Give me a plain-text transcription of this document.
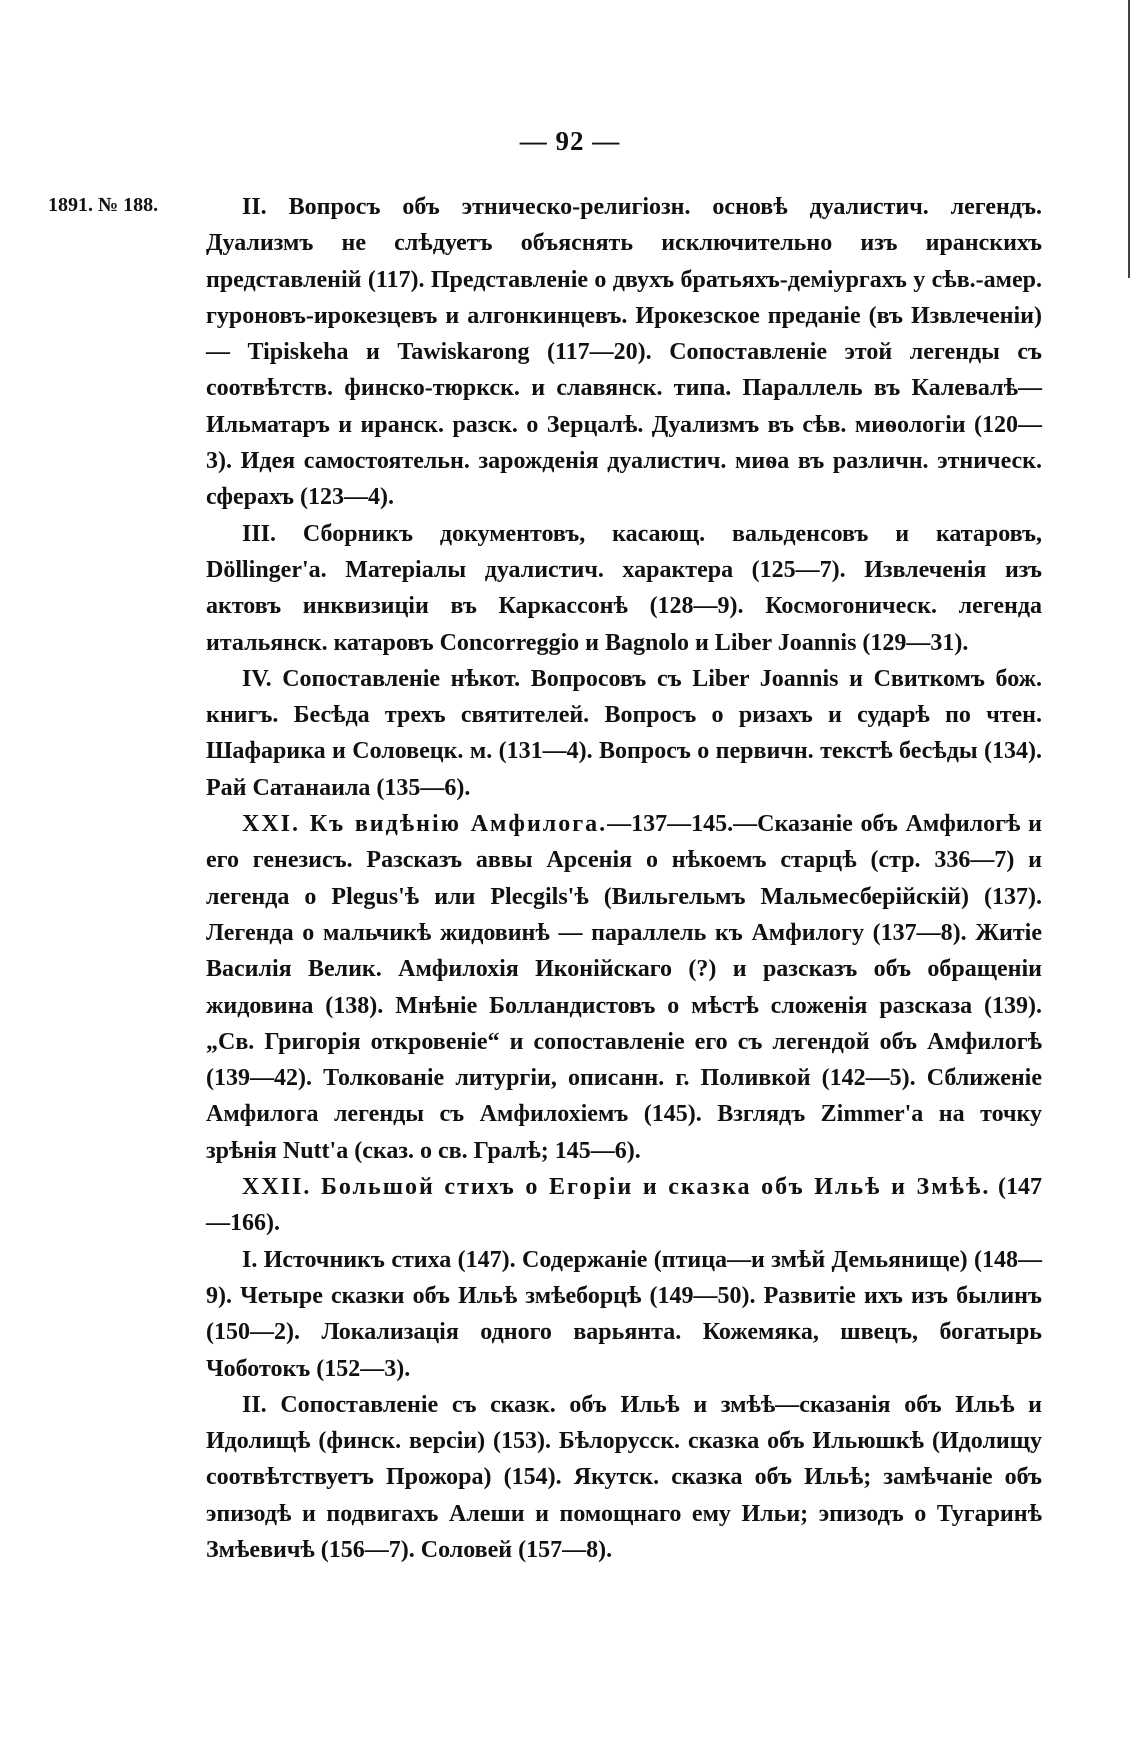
— 92 —
1891. № 188.	II. Вопросъ объ этническо-религіозн. основѣ дуалистич. легендъ. Дуализмъ не слѣдуетъ объяснять исключительно изъ иранскихъ представленій (117). Представленіе о двухъ братьяхъ-деміургахъ у сѣв.-амер. гуроновъ-ирокезцевъ и алгонкинцевъ. Ирокезское преданіе (въ Извлеченіи) — Tipiskeha и Tawiskarong (117—20). Сопоставленіе этой легенды съ соотвѣтств. финско-тюркск. и славянск. типа. Параллель въ Калевалѣ—Ильматаръ и иранск. разск. о Зерцалѣ. Дуализмъ въ сѣв. миѳологіи (120—3). Идея самостоятельн. зарожденія дуалистич. миѳа въ различн. этническ. сферахъ (123—4).

III. Сборникъ документовъ, касающ. вальденсовъ и катаровъ, Döllinger'а. Матеріалы дуалистич. характера (125—7). Извлеченія изъ актовъ инквизиціи въ Каркассонѣ (128—9). Космогоническ. легенда итальянск. катаровъ Concorreggio и Bagnolo и Liber Joannis (129—31).

IV. Сопоставленіе нѣкот. Вопросовъ съ Liber Joannis и Свиткомъ бож. книгъ. Бесѣда трехъ святителей. Вопросъ о ризахъ и сударѣ по чтен. Шафарика и Соловецк. м. (131—4). Вопросъ о первичн. текстѣ бесѣды (134). Рай Сатанаила (135—6).

XXI. Къ видѣнію Амфилога.—137—145.—Сказаніе объ Амфилогѣ и его генезисъ. Разсказъ аввы Арсенія о нѣкоемъ старцѣ (стр. 336—7) и легенда о Plegus'ѣ или Plecgils'ѣ (Вильгельмъ Мальмесберійскій) (137). Легенда о мальчикѣ жидовинѣ — параллель къ Амфилогу (137—8). Житіе Василія Велик. Амфилохія Иконійскаго (?) и разсказъ объ обращеніи жидовина (138). Мнѣніе Болландистовъ о мѣстѣ сложенія разсказа (139). „Св. Григорія откровеніе“ и сопоставленіе его съ легендой объ Амфилогѣ (139—42). Толкованіе литургіи, описанн. г. Поливкой (142—5). Сближеніе Амфилога легенды съ Амфилохіемъ (145). Взглядъ Zimmer'а на точку зрѣнія Nutt'а (сказ. о св. Гралѣ; 145—6).

XXII. Большой стихъ о Егоріи и сказка объ Ильѣ и Змѣѣ. (147—166).

I. Источникъ стиха (147). Содержаніе (птица—и змѣй Демьянище) (148—9). Четыре сказки объ Ильѣ змѣеборцѣ (149—50). Развитіе ихъ изъ былинъ (150—2). Локализація одного варьянта. Кожемяка, швецъ, богатырь Чоботокъ (152—3).

II. Сопоставленіе съ сказк. объ Ильѣ и змѣѣ—сказанія объ Ильѣ и Идолищѣ (финск. версіи) (153). Бѣлорусск. сказка объ Ильюшкѣ (Идолищу соотвѣтствуетъ Прожора) (154). Якутск. сказка объ Ильѣ; замѣчаніе объ эпизодѣ и подвигахъ Алеши и помощнаго ему Ильи; эпизодъ о Тугаринѣ Змѣевичѣ (156—7). Соловей (157—8).
